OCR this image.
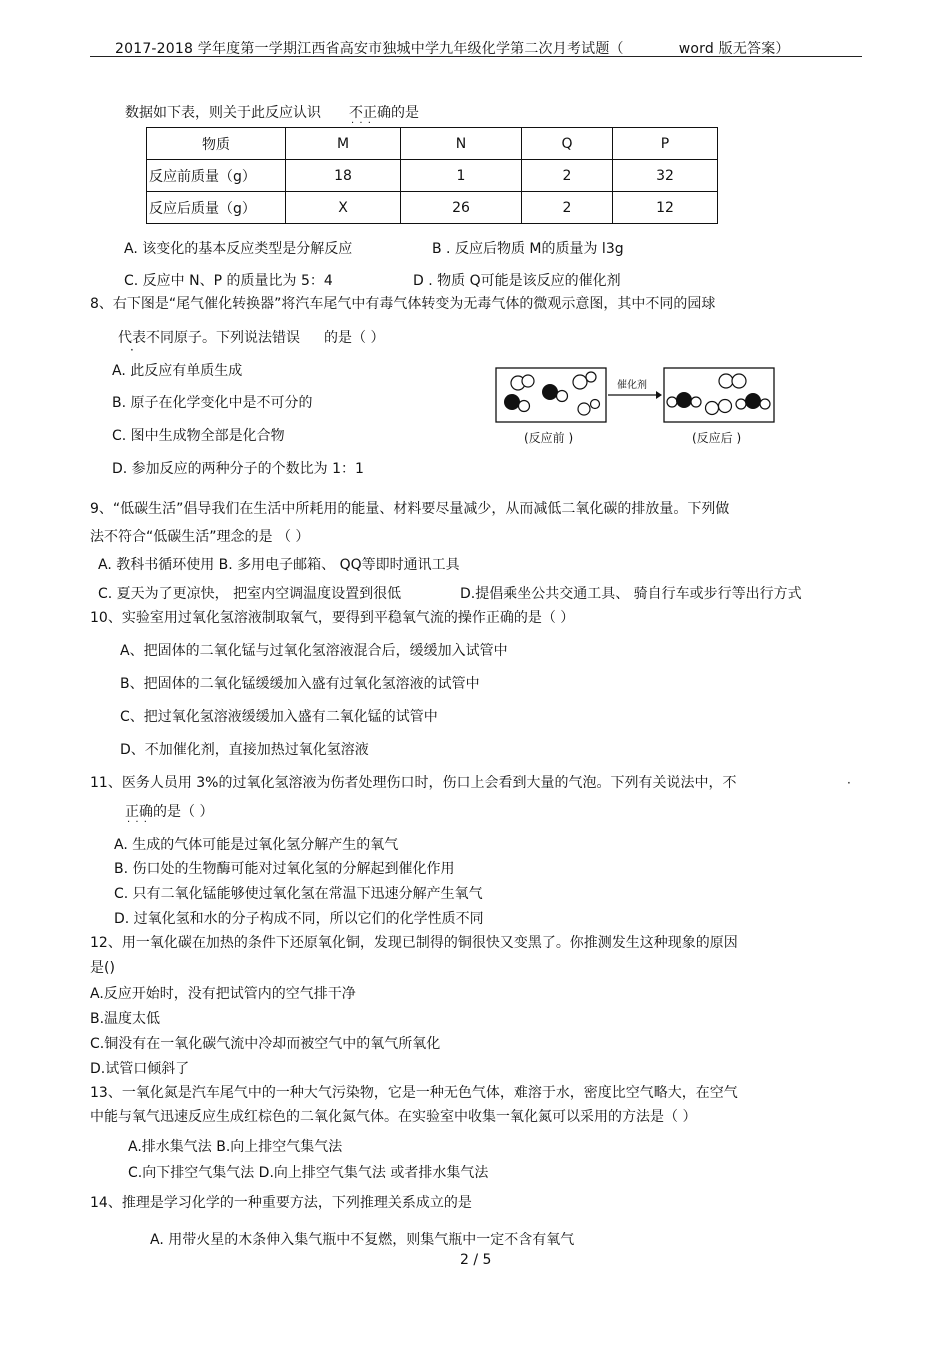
2017-2018 学年度第一学期江西省高安市独城中学九年级化学第二次月考试题（	word 版无答案）
数据如下表，则关于此反应认识 不正确 · · ·的是
物质	M	N	Q	P
反应前质量（g）	18	1	2	32
反应后质量（g）	X	26	2	12
A. 该变化的基本反应类型是分解反应	B . 反应后物质 M的质量为 l3g
C. 反应中 N、P 的质量比为 5：4	D . 物质 Q可能是该反应的催化剂
8、右下图是“尾气催化转换器”将汽车尾气中有毒气体转变为无毒气体的微观示意图，其中不同的园球
代表不同原子。下列说法错误 · 的是（ ）
A. 此反应有单质生成
B. 原子在化学变化中是不可分的
C. 图中生成物全部是化合物
D. 参加反应的两种分子的个数比为 1：1
催化剂
(反应前 )	(反应后 )
9、“低碳生活”倡导我们在生活中所耗用的能量、材料要尽量减少，从而减低二氧化碳的排放量。下列做
法不符合“低碳生活”理念的是 （ ）
A. 教科书循环使用 B. 多用电子邮箱、 QQ等即时通讯工具
C. 夏天为了更凉快， 把室内空调温度设置到很低	D.提倡乘坐公共交通工具、 骑自行车或步行等出行方式
10、实验室用过氧化氢溶液制取氧气，要得到平稳氧气流的操作正确的是（ ）
A、把固体的二氧化锰与过氧化氢溶液混合后，缓缓加入试管中
B、把固体的二氧化锰缓缓加入盛有过氧化氢溶液的试管中
C、把过氧化氢溶液缓缓加入盛有二氧化锰的试管中
D、不加催化剂，直接加热过氧化氢溶液
11、医务人员用 3%的过氧化氢溶液为伤者处理伤口时，伤口上会看到大量的气泡。下列有关说法中，不	·
正确 · · ·的是（ ）
A. 生成的气体可能是过氧化氢分解产生的氧气
B. 伤口处的生物酶可能对过氧化氢的分解起到催化作用
C. 只有二氧化锰能够使过氧化氢在常温下迅速分解产生氧气
D. 过氧化氢和水的分子构成不同，所以它们的化学性质不同
12、用一氧化碳在加热的条件下还原氧化铜，发现已制得的铜很快又变黑了。你推测发生这种现象的原因
是()
A.反应开始时，没有把试管内的空气排干净
B.温度太低
C.铜没有在一氧化碳气流中冷却而被空气中的氧气所氧化
D.试管口倾斜了
13、一氧化氮是汽车尾气中的一种大气污染物，它是一种无色气体，难溶于水，密度比空气略大，在空气
中能与氧气迅速反应生成红棕色的二氧化氮气体。在实验室中收集一氧化氮可以采用的方法是（ ）
A.排水集气法 B.向上排空气集气法
C.向下排空气集气法 D.向上排空气集气法 或者排水集气法
14、推理是学习化学的一种重要方法，下列推理关系成立的是
A. 用带火星的木条伸入集气瓶中不复燃，则集气瓶中一定不含有氧气
2 / 5
